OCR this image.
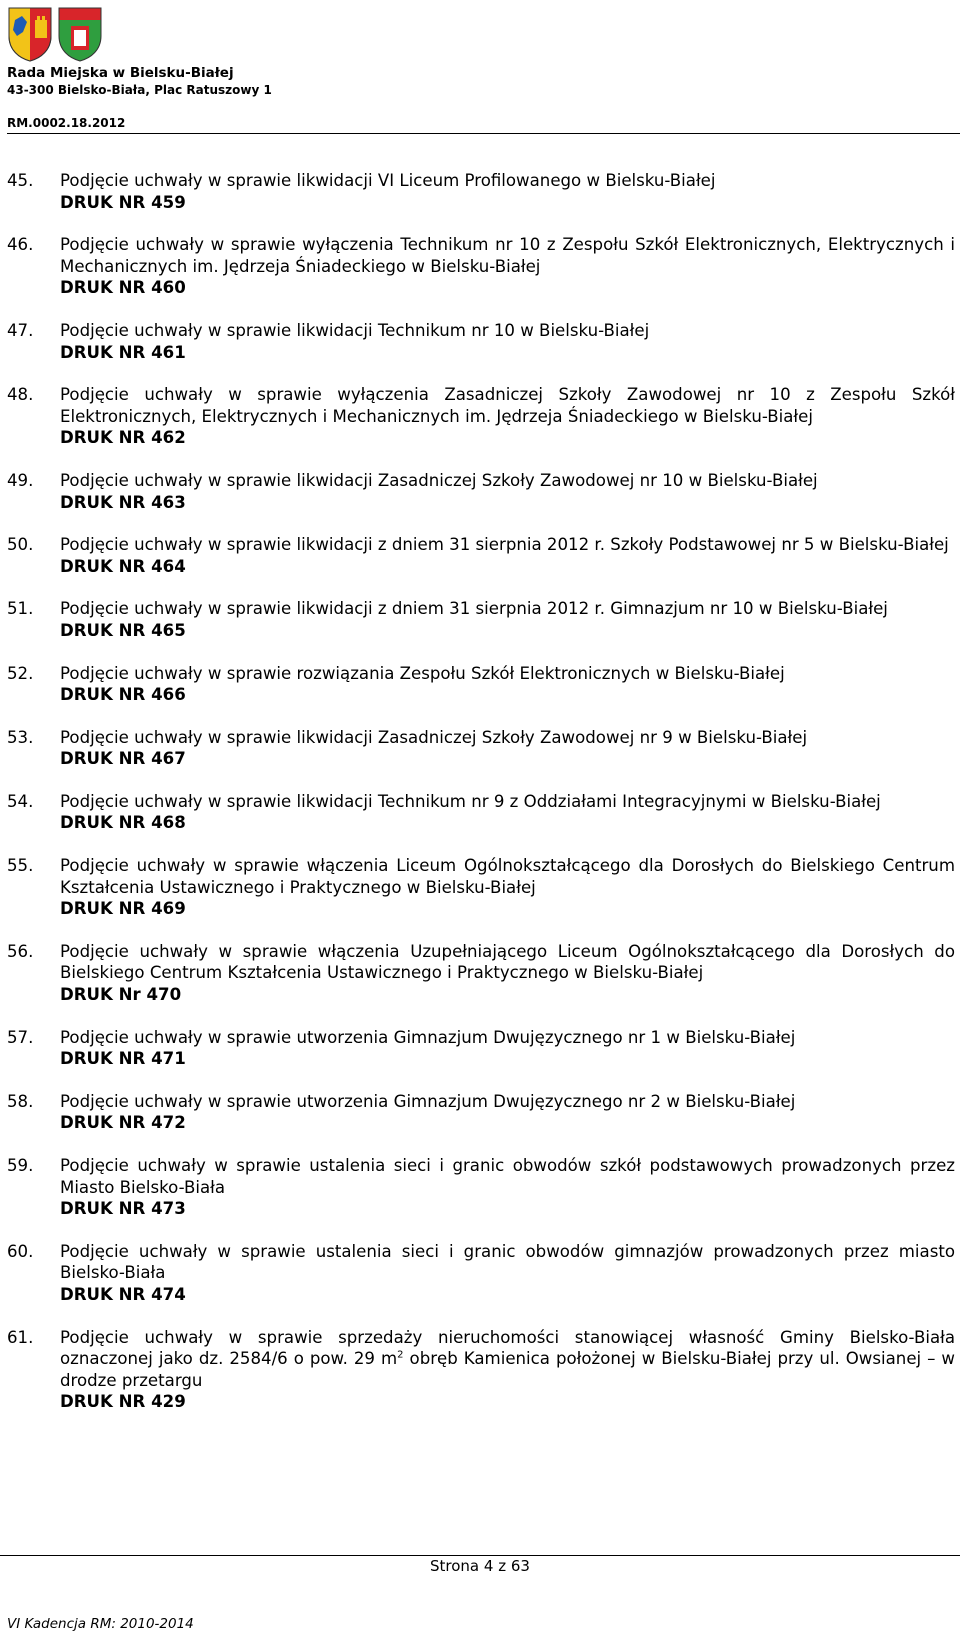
Rada Miejska w Bielsku-Białej
43-300 Bielsko-Biała, Plac Ratuszowy 1
RM.0002.18.2012
45.	Podjęcie uchwały w sprawie likwidacji VI Liceum Profilowanego w Bielsku-Białej
DRUK NR 459
46.	Podjęcie uchwały w sprawie wyłączenia Technikum nr 10 z Zespołu Szkół Elektronicznych, Elektrycznych i Mechanicznych im. Jędrzeja Śniadeckiego w Bielsku-Białej
DRUK NR 460
47.	Podjęcie uchwały w sprawie likwidacji Technikum nr 10 w Bielsku-Białej
DRUK NR 461
48.	Podjęcie uchwały w sprawie wyłączenia Zasadniczej Szkoły Zawodowej nr 10 z Zespołu Szkół Elektronicznych, Elektrycznych i Mechanicznych im. Jędrzeja Śniadeckiego w Bielsku-Białej
DRUK NR 462
49.	Podjęcie uchwały w sprawie likwidacji Zasadniczej Szkoły Zawodowej nr 10 w Bielsku-Białej
DRUK NR 463
50.	Podjęcie uchwały w sprawie likwidacji z dniem 31 sierpnia 2012 r. Szkoły Podstawowej nr 5 w Bielsku-Białej
DRUK NR 464
51.	Podjęcie uchwały w sprawie likwidacji z dniem 31 sierpnia 2012 r. Gimnazjum nr 10 w Bielsku-Białej
DRUK NR 465
52.	Podjęcie uchwały w sprawie rozwiązania Zespołu Szkół Elektronicznych w Bielsku-Białej
DRUK NR 466
53.	Podjęcie uchwały w sprawie likwidacji Zasadniczej Szkoły Zawodowej nr 9 w Bielsku-Białej
DRUK NR 467
54.	Podjęcie uchwały w sprawie likwidacji Technikum nr 9 z Oddziałami Integracyjnymi w Bielsku-Białej
DRUK NR 468
55.	Podjęcie uchwały w sprawie włączenia Liceum Ogólnokształcącego dla Dorosłych do Bielskiego Centrum Kształcenia Ustawicznego i Praktycznego w Bielsku-Białej
DRUK NR 469
56.	Podjęcie uchwały w sprawie włączenia Uzupełniającego Liceum Ogólnokształcącego dla Dorosłych do Bielskiego Centrum Kształcenia Ustawicznego i Praktycznego w Bielsku-Białej
DRUK Nr 470
57.	Podjęcie uchwały w sprawie utworzenia Gimnazjum Dwujęzycznego nr 1 w Bielsku-Białej
DRUK NR 471
58.	Podjęcie uchwały w sprawie utworzenia Gimnazjum Dwujęzycznego nr 2 w Bielsku-Białej
DRUK NR 472
59.	Podjęcie uchwały w sprawie ustalenia sieci i granic obwodów szkół podstawowych prowadzonych przez Miasto Bielsko-Biała
DRUK NR 473
60.	Podjęcie uchwały w sprawie ustalenia sieci i granic obwodów gimnazjów prowadzonych przez miasto Bielsko-Biała
DRUK NR 474
61.	Podjęcie uchwały w sprawie sprzedaży nieruchomości stanowiącej własność Gminy Bielsko-Biała oznaczonej jako dz. 2584/6 o pow. 29 $m^2$ obręb Kamienica położonej w Bielsku-Białej przy ul. Owsianej – w drodze przetargu
DRUK NR 429
Strona 4 z 63
VI Kadencja RM: 2010-2014
